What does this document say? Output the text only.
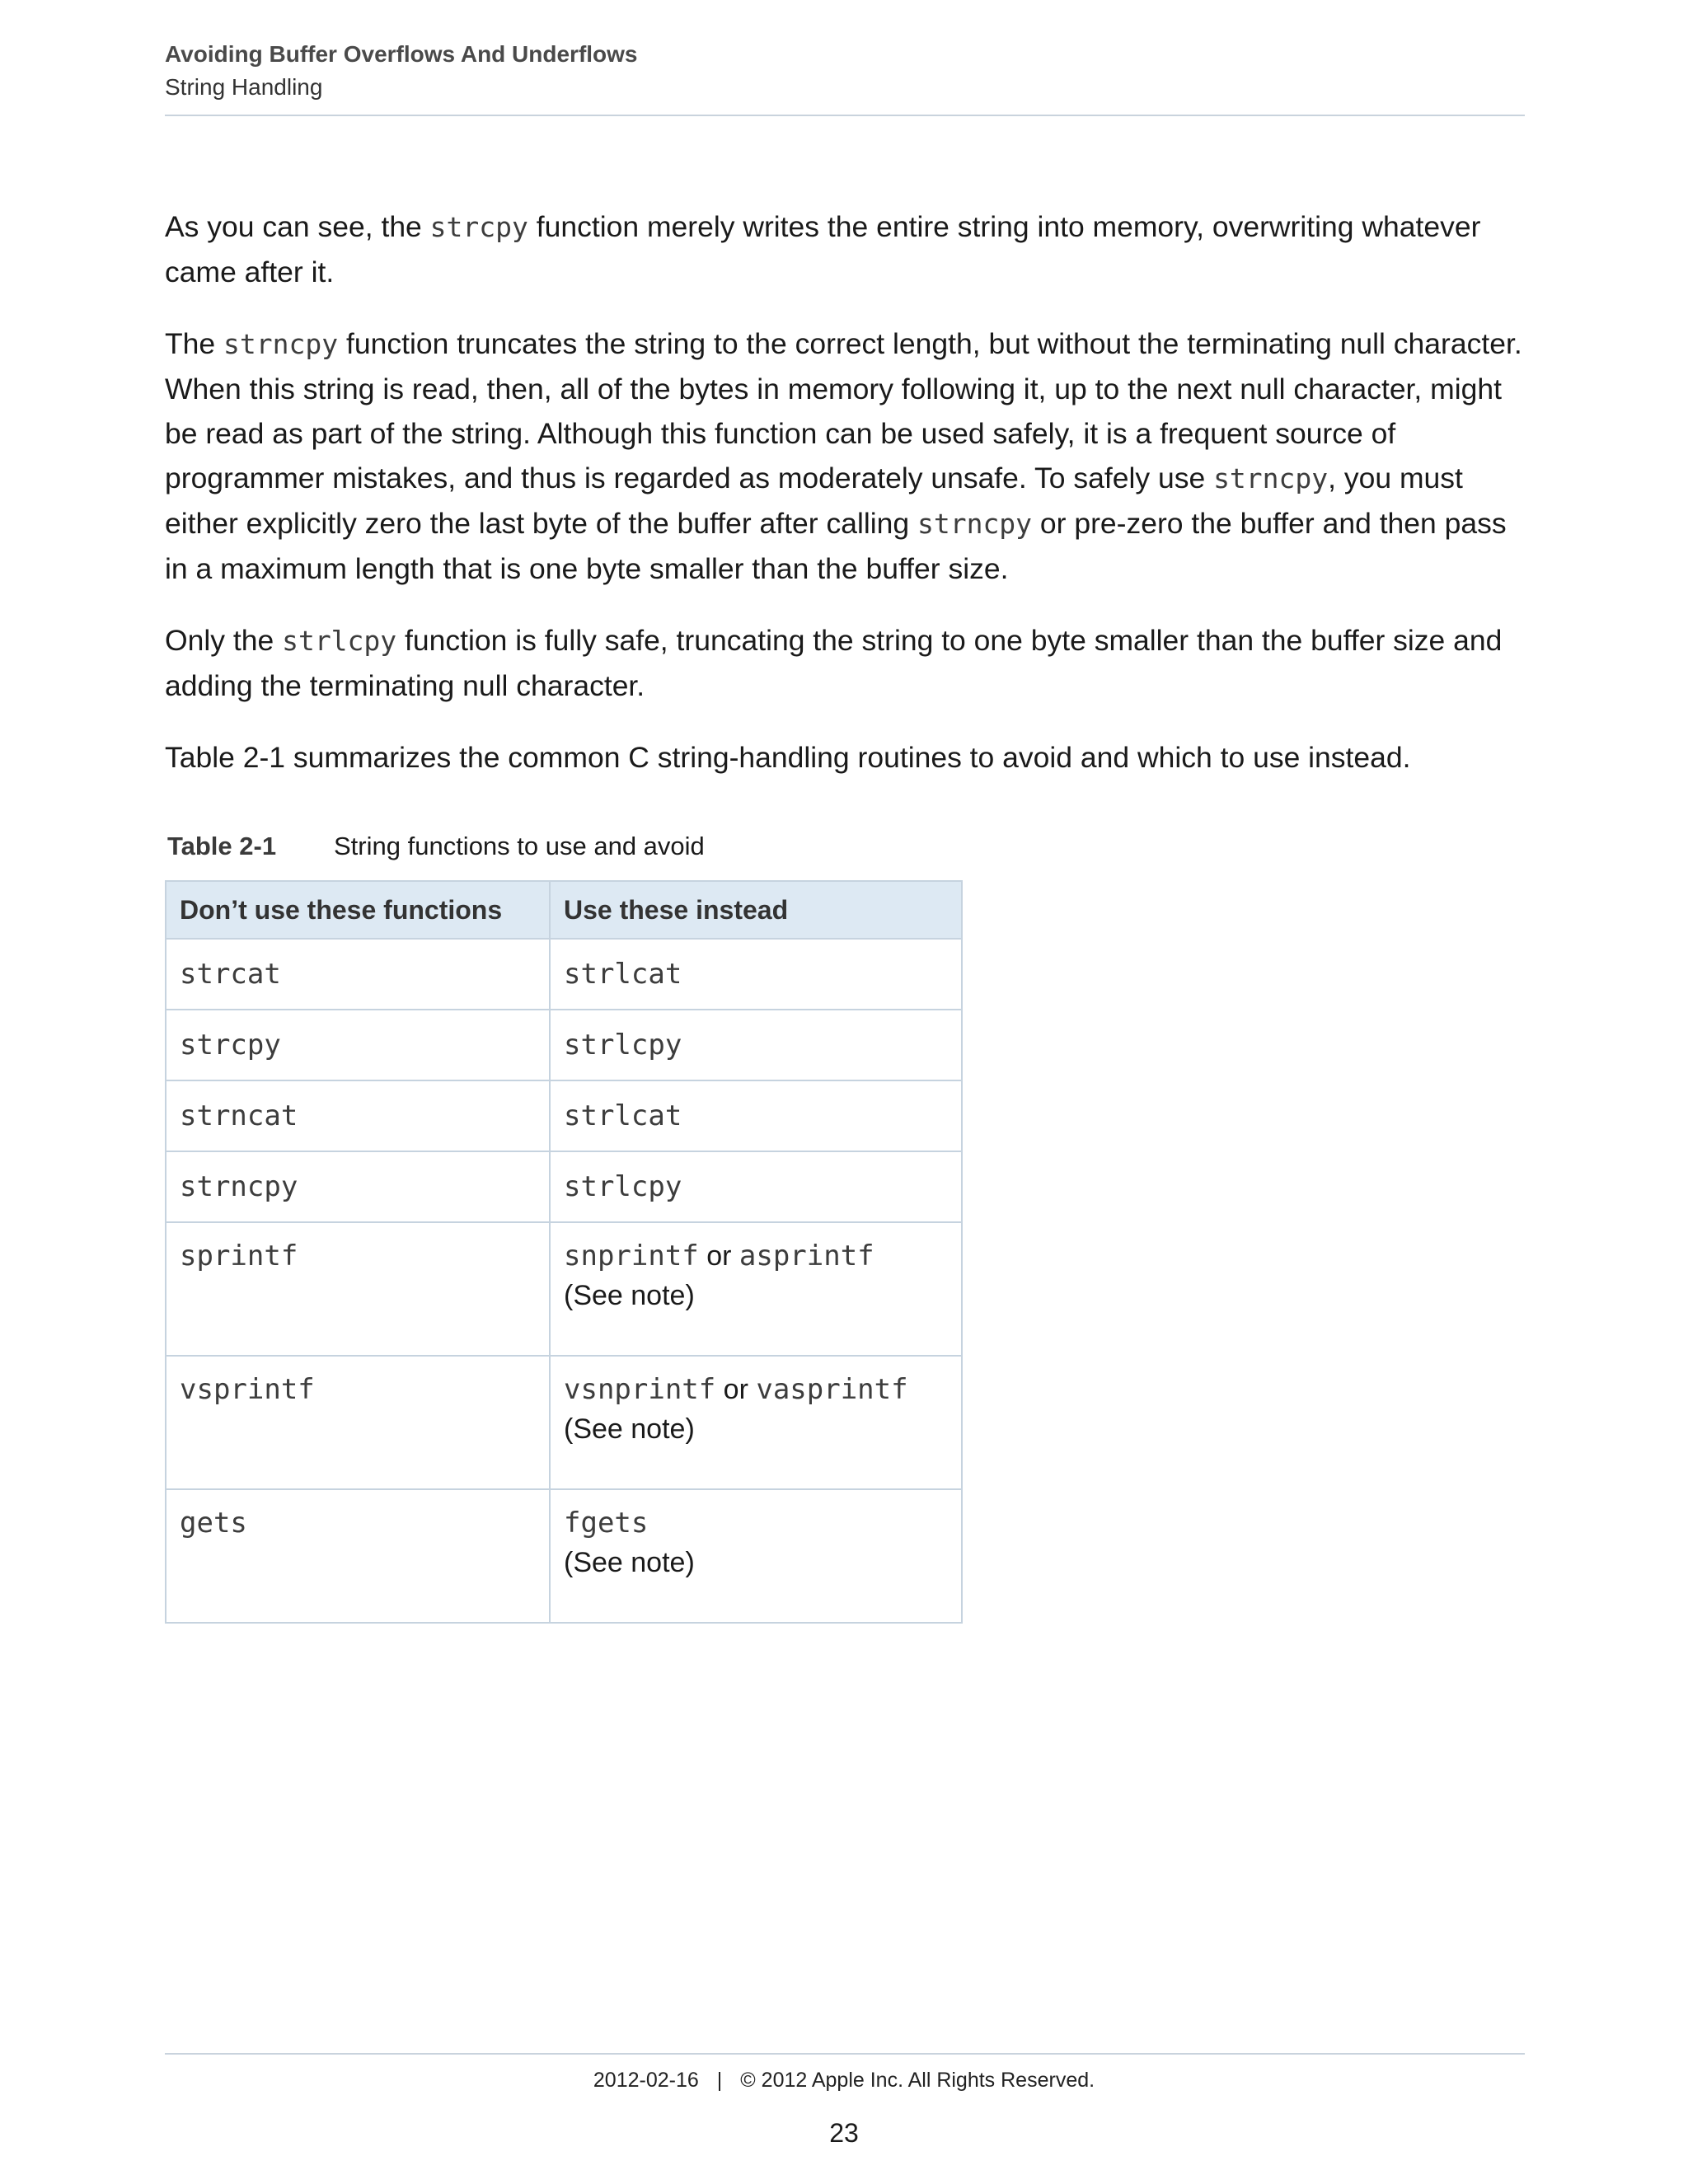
Avoiding Buffer Overflows And Underflows
String Handling

As you can see, the strcpy function merely writes the entire string into memory, overwriting whatever came after it.

The strncpy function truncates the string to the correct length, but without the terminating null character. When this string is read, then, all of the bytes in memory following it, up to the next null character, might be read as part of the string. Although this function can be used safely, it is a frequent source of programmer mistakes, and thus is regarded as moderately unsafe. To safely use strncpy, you must either explicitly zero the last byte of the buffer after calling strncpy or pre-zero the buffer and then pass in a maximum length that is one byte smaller than the buffer size.

Only the strlcpy function is fully safe, truncating the string to one byte smaller than the buffer size and adding the terminating null character.

Table 2-1 summarizes the common C string-handling routines to avoid and which to use instead.

Table 2-1 String functions to use and avoid
Don’t use these functions	Use these instead
strcat	strlcat
strcpy	strlcpy
strncat	strlcat
strncpy	strlcpy

sprintf	snprintf or asprintf
(See note)

vsprintf	vsnprintf or vasprintf
(See note)

gets	fgets
(See note)
2012-02-16 | © 2012 Apple Inc. All Rights Reserved.
23
